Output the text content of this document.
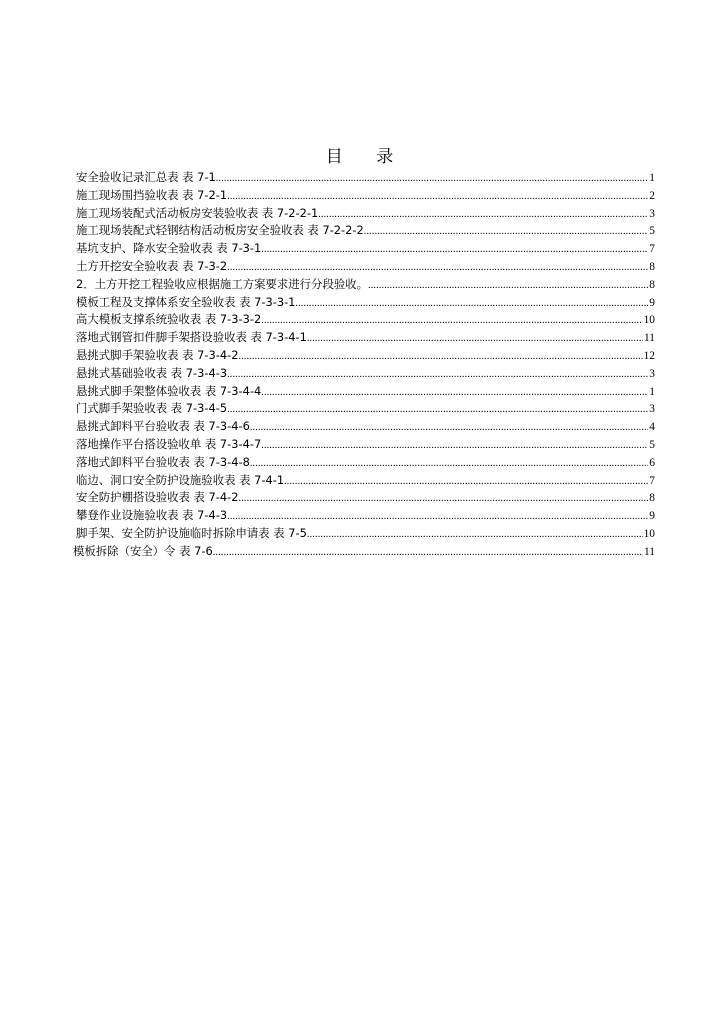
目 录
安全验收记录汇总表 表 7-1 .....	1
施工现场围挡验收表 表 7-2-1 .....	2
施工现场装配式活动板房安装验收表 表 7-2-2-1 .....	3
施工现场装配式轻钢结构活动板房安全验收表 表 7-2-2-2 .....	5
基坑支护、降水安全验收表 表 7-3-1 .....	7
土方开挖安全验收表 表 7-3-2 .....	8
2．土方开挖工程验收应根据施工方案要求进行分段验收。 .....	8
模板工程及支撑体系安全验收表 表 7-3-3-1 .....	9
高大模板支撑系统验收表 表 7-3-3-2 .....	10
落地式钢管扣件脚手架搭设验收表 表 7-3-4-1 .....	11
悬挑式脚手架验收表 表 7-3-4-2 .....	12
悬挑式基础验收表 表 7-3-4-3 .....	3
悬挑式脚手架整体验收表 表 7-3-4-4 .....	1
门式脚手架验收表 表 7-3-4-5 .....	3
悬挑式卸料平台验收表 表 7-3-4-6 .....	4
落地操作平台搭设验收单 表 7-3-4-7 .....	5
落地式卸料平台验收表 表 7-3-4-8 .....	6
临边、洞口安全防护设施验收表 表 7-4-1 .....	7
安全防护棚搭设验收表 表 7-4-2 .....	8
攀登作业设施验收表 表 7-4-3 .....	9
脚手架、安全防护设施临时拆除申请表 表 7-5 .....	10
模板拆除（安全）令 表 7-6 .....	11
